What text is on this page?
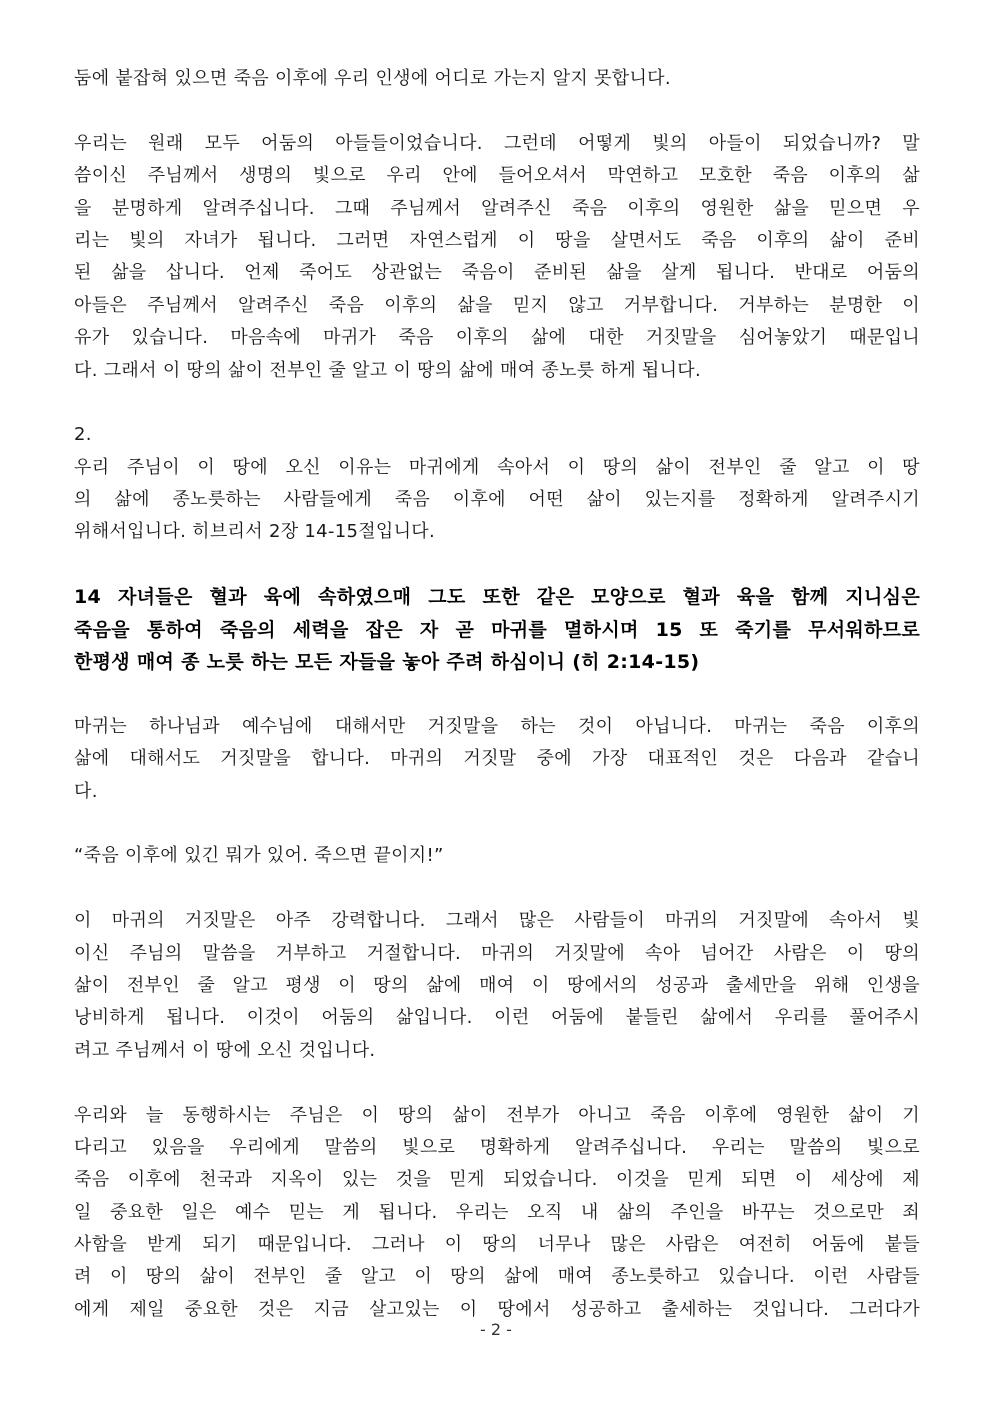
둠에 붙잡혀 있으면 죽음 이후에 우리 인생에 어디로 가는지 알지 못합니다.

우리는 원래 모두 어둠의 아들들이었습니다. 그런데 어떻게 빛의 아들이 되었습니까? 말
씀이신 주님께서 생명의 빛으로 우리 안에 들어오셔서 막연하고 모호한 죽음 이후의 삶
을 분명하게 알려주십니다. 그때 주님께서 알려주신 죽음 이후의 영원한 삶을 믿으면 우
리는 빛의 자녀가 됩니다. 그러면 자연스럽게 이 땅을 살면서도 죽음 이후의 삶이 준비
된 삶을 삽니다. 언제 죽어도 상관없는 죽음이 준비된 삶을 살게 됩니다. 반대로 어둠의
아들은 주님께서 알려주신 죽음 이후의 삶을 믿지 않고 거부합니다. 거부하는 분명한 이
유가 있습니다. 마음속에 마귀가 죽음 이후의 삶에 대한 거짓말을 심어놓았기 때문입니
다. 그래서 이 땅의 삶이 전부인 줄 알고 이 땅의 삶에 매여 종노릇 하게 됩니다.

2.
우리 주님이 이 땅에 오신 이유는 마귀에게 속아서 이 땅의 삶이 전부인 줄 알고 이 땅
의 삶에 종노릇하는 사람들에게 죽음 이후에 어떤 삶이 있는지를 정확하게 알려주시기
위해서입니다. 히브리서 2장 14-15절입니다.

14 자녀들은 혈과 육에 속하였으매 그도 또한 같은 모양으로 혈과 육을 함께 지니심은
죽음을 통하여 죽음의 세력을 잡은 자 곧 마귀를 멸하시며 15 또 죽기를 무서워하므로
한평생 매여 종 노릇 하는 모든 자들을 놓아 주려 하심이니 (히 2:14-15)

마귀는 하나님과 예수님에 대해서만 거짓말을 하는 것이 아닙니다. 마귀는 죽음 이후의
삶에 대해서도 거짓말을 합니다. 마귀의 거짓말 중에 가장 대표적인 것은 다음과 같습니
다.

“죽음 이후에 있긴 뭐가 있어. 죽으면 끝이지!”

이 마귀의 거짓말은 아주 강력합니다. 그래서 많은 사람들이 마귀의 거짓말에 속아서 빛
이신 주님의 말씀을 거부하고 거절합니다. 마귀의 거짓말에 속아 넘어간 사람은 이 땅의
삶이 전부인 줄 알고 평생 이 땅의 삶에 매여 이 땅에서의 성공과 출세만을 위해 인생을
낭비하게 됩니다. 이것이 어둠의 삶입니다. 이런 어둠에 붙들린 삶에서 우리를 풀어주시
려고 주님께서 이 땅에 오신 것입니다.

우리와 늘 동행하시는 주님은 이 땅의 삶이 전부가 아니고 죽음 이후에 영원한 삶이 기
다리고 있음을 우리에게 말씀의 빛으로 명확하게 알려주십니다. 우리는 말씀의 빛으로
죽음 이후에 천국과 지옥이 있는 것을 믿게 되었습니다. 이것을 믿게 되면 이 세상에 제
일 중요한 일은 예수 믿는 게 됩니다. 우리는 오직 내 삶의 주인을 바꾸는 것으로만 죄
사함을 받게 되기 때문입니다. 그러나 이 땅의 너무나 많은 사람은 여전히 어둠에 붙들
려 이 땅의 삶이 전부인 줄 알고 이 땅의 삶에 매여 종노릇하고 있습니다. 이런 사람들
에게 제일 중요한 것은 지금 살고있는 이 땅에서 성공하고 출세하는 것입니다. 그러다가

- 2 -
